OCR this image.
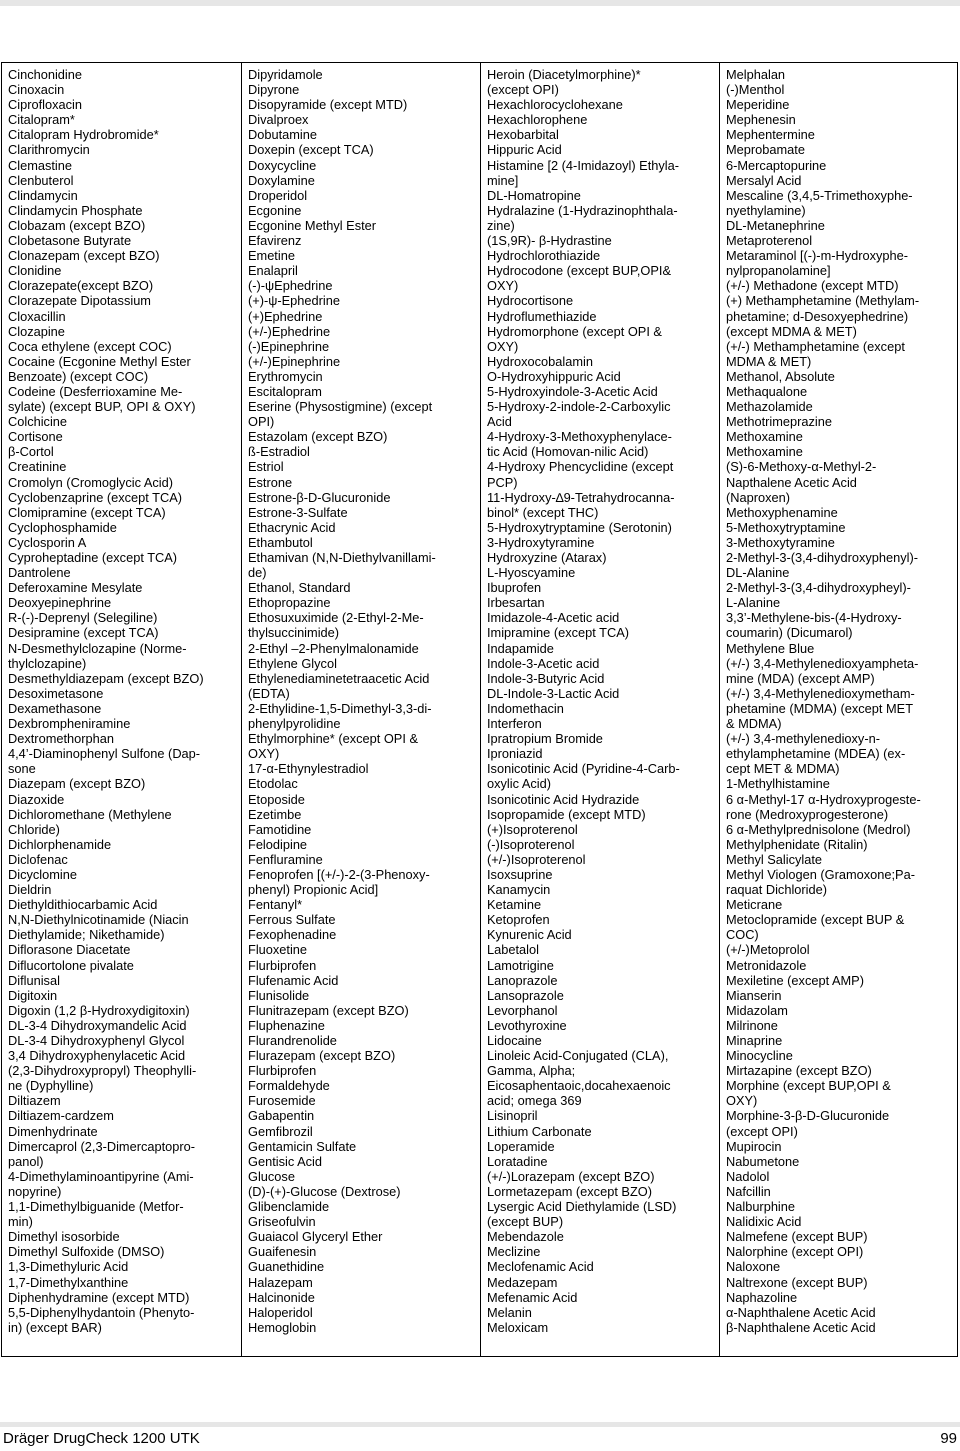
Cinchonidine
Cinoxacin
Ciprofloxacin
Citalopram*
Citalopram Hydrobromide*
Clarithromycin
Clemastine
Clenbuterol
Clindamycin
Clindamycin Phosphate
Clobazam (except BZO)
Clobetasone Butyrate
Clonazepam (except BZO)
Clonidine
Clorazepate(except BZO)
Clorazepate Dipotassium
Cloxacillin
Clozapine
Coca ethylene (except COC)
Cocaine (Ecgonine Methyl Ester
Benzoate) (except COC)
Codeine (Desferrioxamine Me-
sylate) (except BUP, OPI & OXY)
Colchicine
Cortisone
β-Cortol
Creatinine
Cromolyn (Cromoglycic Acid)
Cyclobenzaprine (except TCA)
Clomipramine (except TCA)
Cyclophosphamide
Cyclosporin A
Cyproheptadine (except TCA)
Dantrolene
Deferoxamine Mesylate
Deoxyepinephrine
R-(-)-Deprenyl (Selegiline)
Desipramine (except TCA)
N-Desmethylclozapine (Norme-
thylclozapine)
Desmethyldiazepam (except BZO)
Desoximetasone
Dexamethasone
Dexbrompheniramine
Dextromethorphan
4,4’-Diaminophenyl Sulfone (Dap-
sone
Diazepam (except BZO)
Diazoxide
Dichloromethane (Methylene
Chloride)
Dichlorphenamide
Diclofenac
Dicyclomine
Dieldrin
Diethyldithiocarbamic Acid
N,N-Diethylnicotinamide (Niacin
Diethylamide; Nikethamide)
Diflorasone Diacetate
Diflucortolone pivalate
Diflunisal
Digitoxin
Digoxin (1,2 β-Hydroxydigitoxin)
DL-3-4 Dihydroxymandelic Acid
DL-3-4 Dihydroxyphenyl Glycol
3,4 Dihydroxyphenylacetic Acid
(2,3-Dihydroxypropyl) Theophylli-
ne (Dyphylline)
Diltiazem
Diltiazem-cardzem
Dimenhydrinate
Dimercaprol (2,3-Dimercaptopro-
panol)
4-Dimethylaminoantipyrine (Ami-
nopyrine)
1,1-Dimethylbiguanide (Metfor-
min)
Dimethyl isosorbide
Dimethyl Sulfoxide (DMSO)
1,3-Dimethyluric Acid
1,7-Dimethylxanthine
Diphenhydramine (except MTD)
5,5-Diphenylhydantoin (Phenyto-
in) (except BAR)
Dipyridamole
Dipyrone
Disopyramide (except MTD)
Divalproex
Dobutamine
Doxepin (except TCA)
Doxycycline
Doxylamine
Droperidol
Ecgonine
Ecgonine Methyl Ester
Efavirenz
Emetine
Enalapril
(-)-ψEphedrine
(+)-ψ-Ephedrine
(+)Ephedrine
(+/-)Ephedrine
(-)Epinephrine
(+/-)Epinephrine
Erythromycin
Escitalopram
Eserine (Physostigmine) (except
OPI)
Estazolam (except BZO)
ß-Estradiol
Estriol
Estrone
Estrone-β-D-Glucuronide
Estrone-3-Sulfate
Ethacrynic Acid
Ethambutol
Ethamivan (N,N-Diethylvanillami-
de)
Ethanol, Standard
Ethopropazine
Ethosuxuximide (2-Ethyl-2-Me-
thylsuccinimide)
2-Ethyl –2-Phenylmalonamide
Ethylene Glycol
Ethylenediaminetetraacetic Acid
(EDTA)
2-Ethylidine-1,5-Dimethyl-3,3-di-
phenylpyrolidine
Ethylmorphine* (except OPI &
OXY)
17-α-Ethynylestradiol
Etodolac
Etoposide
Ezetimbe
Famotidine
Felodipine
Fenfluramine
Fenoprofen [(+/-)-2-(3-Phenoxy-
phenyl) Propionic Acid]
Fentanyl*
Ferrous Sulfate
Fexophenadine
Fluoxetine
Flurbiprofen
Flufenamic Acid
Flunisolide
Flunitrazepam (except BZO)
Fluphenazine
Flurandrenolide
Flurazepam (except BZO)
Flurbiprofen
Formaldehyde
Furosemide
Gabapentin
Gemfibrozil
Gentamicin Sulfate
Gentisic Acid
Glucose
(D)-(+)-Glucose (Dextrose)
Glibenclamide
Griseofulvin
Guaiacol Glyceryl Ether
Guaifenesin
Guanethidine
Halazepam
Halcinonide
Haloperidol
Hemoglobin
Heroin (Diacetylmorphine)*
(except OPI)
Hexachlorocyclohexane
Hexachlorophene
Hexobarbital
Hippuric Acid
Histamine [2 (4-Imidazoyl) Ethyla-
mine]
DL-Homatropine
Hydralazine (1-Hydrazinophthala-
zine)
(1S,9R)- β-Hydrastine
Hydrochlorothiazide
Hydrocodone (except BUP,OPI&
OXY)
Hydrocortisone
Hydroflumethiazide
Hydromorphone (except OPI &
OXY)
Hydroxocobalamin
O-Hydroxyhippuric Acid
5-Hydroxyindole-3-Acetic Acid
5-Hydroxy-2-indole-2-Carboxylic
Acid
4-Hydroxy-3-Methoxyphenylace-
tic Acid (Homovan-nilic Acid)
4-Hydroxy Phencyclidine (except
PCP)
11-Hydroxy-∆9-Tetrahydrocanna-
binol* (except THC)
5-Hydroxytryptamine (Serotonin)
3-Hydroxytyramine
Hydroxyzine (Atarax)
L-Hyoscyamine
Ibuprofen
Irbesartan
Imidazole-4-Acetic acid
Imipramine (except TCA)
Indapamide
Indole-3-Acetic acid
Indole-3-Butyric Acid
DL-Indole-3-Lactic Acid
Indomethacin
Interferon
Ipratropium Bromide
Iproniazid
Isonicotinic Acid (Pyridine-4-Carb-
oxylic Acid)
Isonicotinic Acid Hydrazide
Isopropamide (except MTD)
(+)Isoproterenol
(-)Isoproterenol
(+/-)Isoproterenol
Isoxsuprine
Kanamycin
Ketamine
Ketoprofen
Kynurenic Acid
Labetalol
Lamotrigine
Lanoprazole
Lansoprazole
Levorphanol
Levothyroxine
Lidocaine
Linoleic Acid-Conjugated (CLA),
Gamma, Alpha;
Eicosaphentaoic,docahexaenoic
acid; omega 369
Lisinopril
Lithium Carbonate
Loperamide
Loratadine
(+/-)Lorazepam (except BZO)
Lormetazepam (except BZO)
Lysergic Acid Diethylamide (LSD)
(except BUP)
Mebendazole
Meclizine
Meclofenamic Acid
Medazepam
Mefenamic Acid
Melanin
Meloxicam
Melphalan
(-)Menthol
Meperidine
Mephenesin
Mephentermine
Meprobamate
6-Mercaptopurine
Mersalyl Acid
Mescaline (3,4,5-Trimethoxyphe-
nyethylamine)
DL-Metanephrine
Metaproterenol
Metaraminol [(-)-m-Hydroxyphe-
nylpropanolamine]
(+/-) Methadone (except MTD)
(+) Methamphetamine (Methylam-
phetamine; d-Desoxyephedrine)
(except MDMA & MET)
(+/-) Methamphetamine (except
MDMA & MET)
Methanol, Absolute
Methaqualone
Methazolamide
Methotrimeprazine
Methoxamine
Methoxamine
(S)-6-Methoxy-α-Methyl-2-
Napthalene Acetic Acid
(Naproxen)
Methoxyphenamine
5-Methoxytryptamine
3-Methoxytyramine
2-Methyl-3-(3,4-dihydroxyphenyl)-
DL-Alanine
2-Methyl-3-(3,4-dihydroxypheyl)-
L-Alanine
3,3’-Methylene-bis-(4-Hydroxy-
coumarin) (Dicumarol)
Methylene Blue
(+/-) 3,4-Methylenedioxyampheta-
mine (MDA) (except AMP)
(+/-) 3,4-Methylenedioxymetham-
phetamine (MDMA) (except MET
& MDMA)
(+/-) 3,4-methylenedioxy-n-
ethylamphetamine (MDEA) (ex-
cept MET & MDMA)
1-Methylhistamine
6 α-Methyl-17 α-Hydroxyprogeste-
rone (Medroxyprogesterone)
6 α-Methylprednisolone (Medrol)
Methylphenidate (Ritalin)
Methyl Salicylate
Methyl Viologen (Gramoxone;Pa-
raquat Dichloride)
Meticrane
Metoclopramide (except BUP &
COC)
(+/-)Metoprolol
Metronidazole
Mexiletine (except AMP)
Mianserin
Midazolam
Milrinone
Minaprine
Minocycline
Mirtazapine (except BZO)
Morphine (except BUP,OPI &
OXY)
Morphine-3-β-D-Glucuronide
(except OPI)
Mupirocin
Nabumetone
Nadolol
Nafcillin
Nalburphine
Nalidixic Acid
Nalmefene (except BUP)
Nalorphine (except OPI)
Naloxone
Naltrexone (except BUP)
Naphazoline
α-Naphthalene Acetic Acid
β-Naphthalene Acetic Acid
Dräger DrugCheck 1200 UTK	99
